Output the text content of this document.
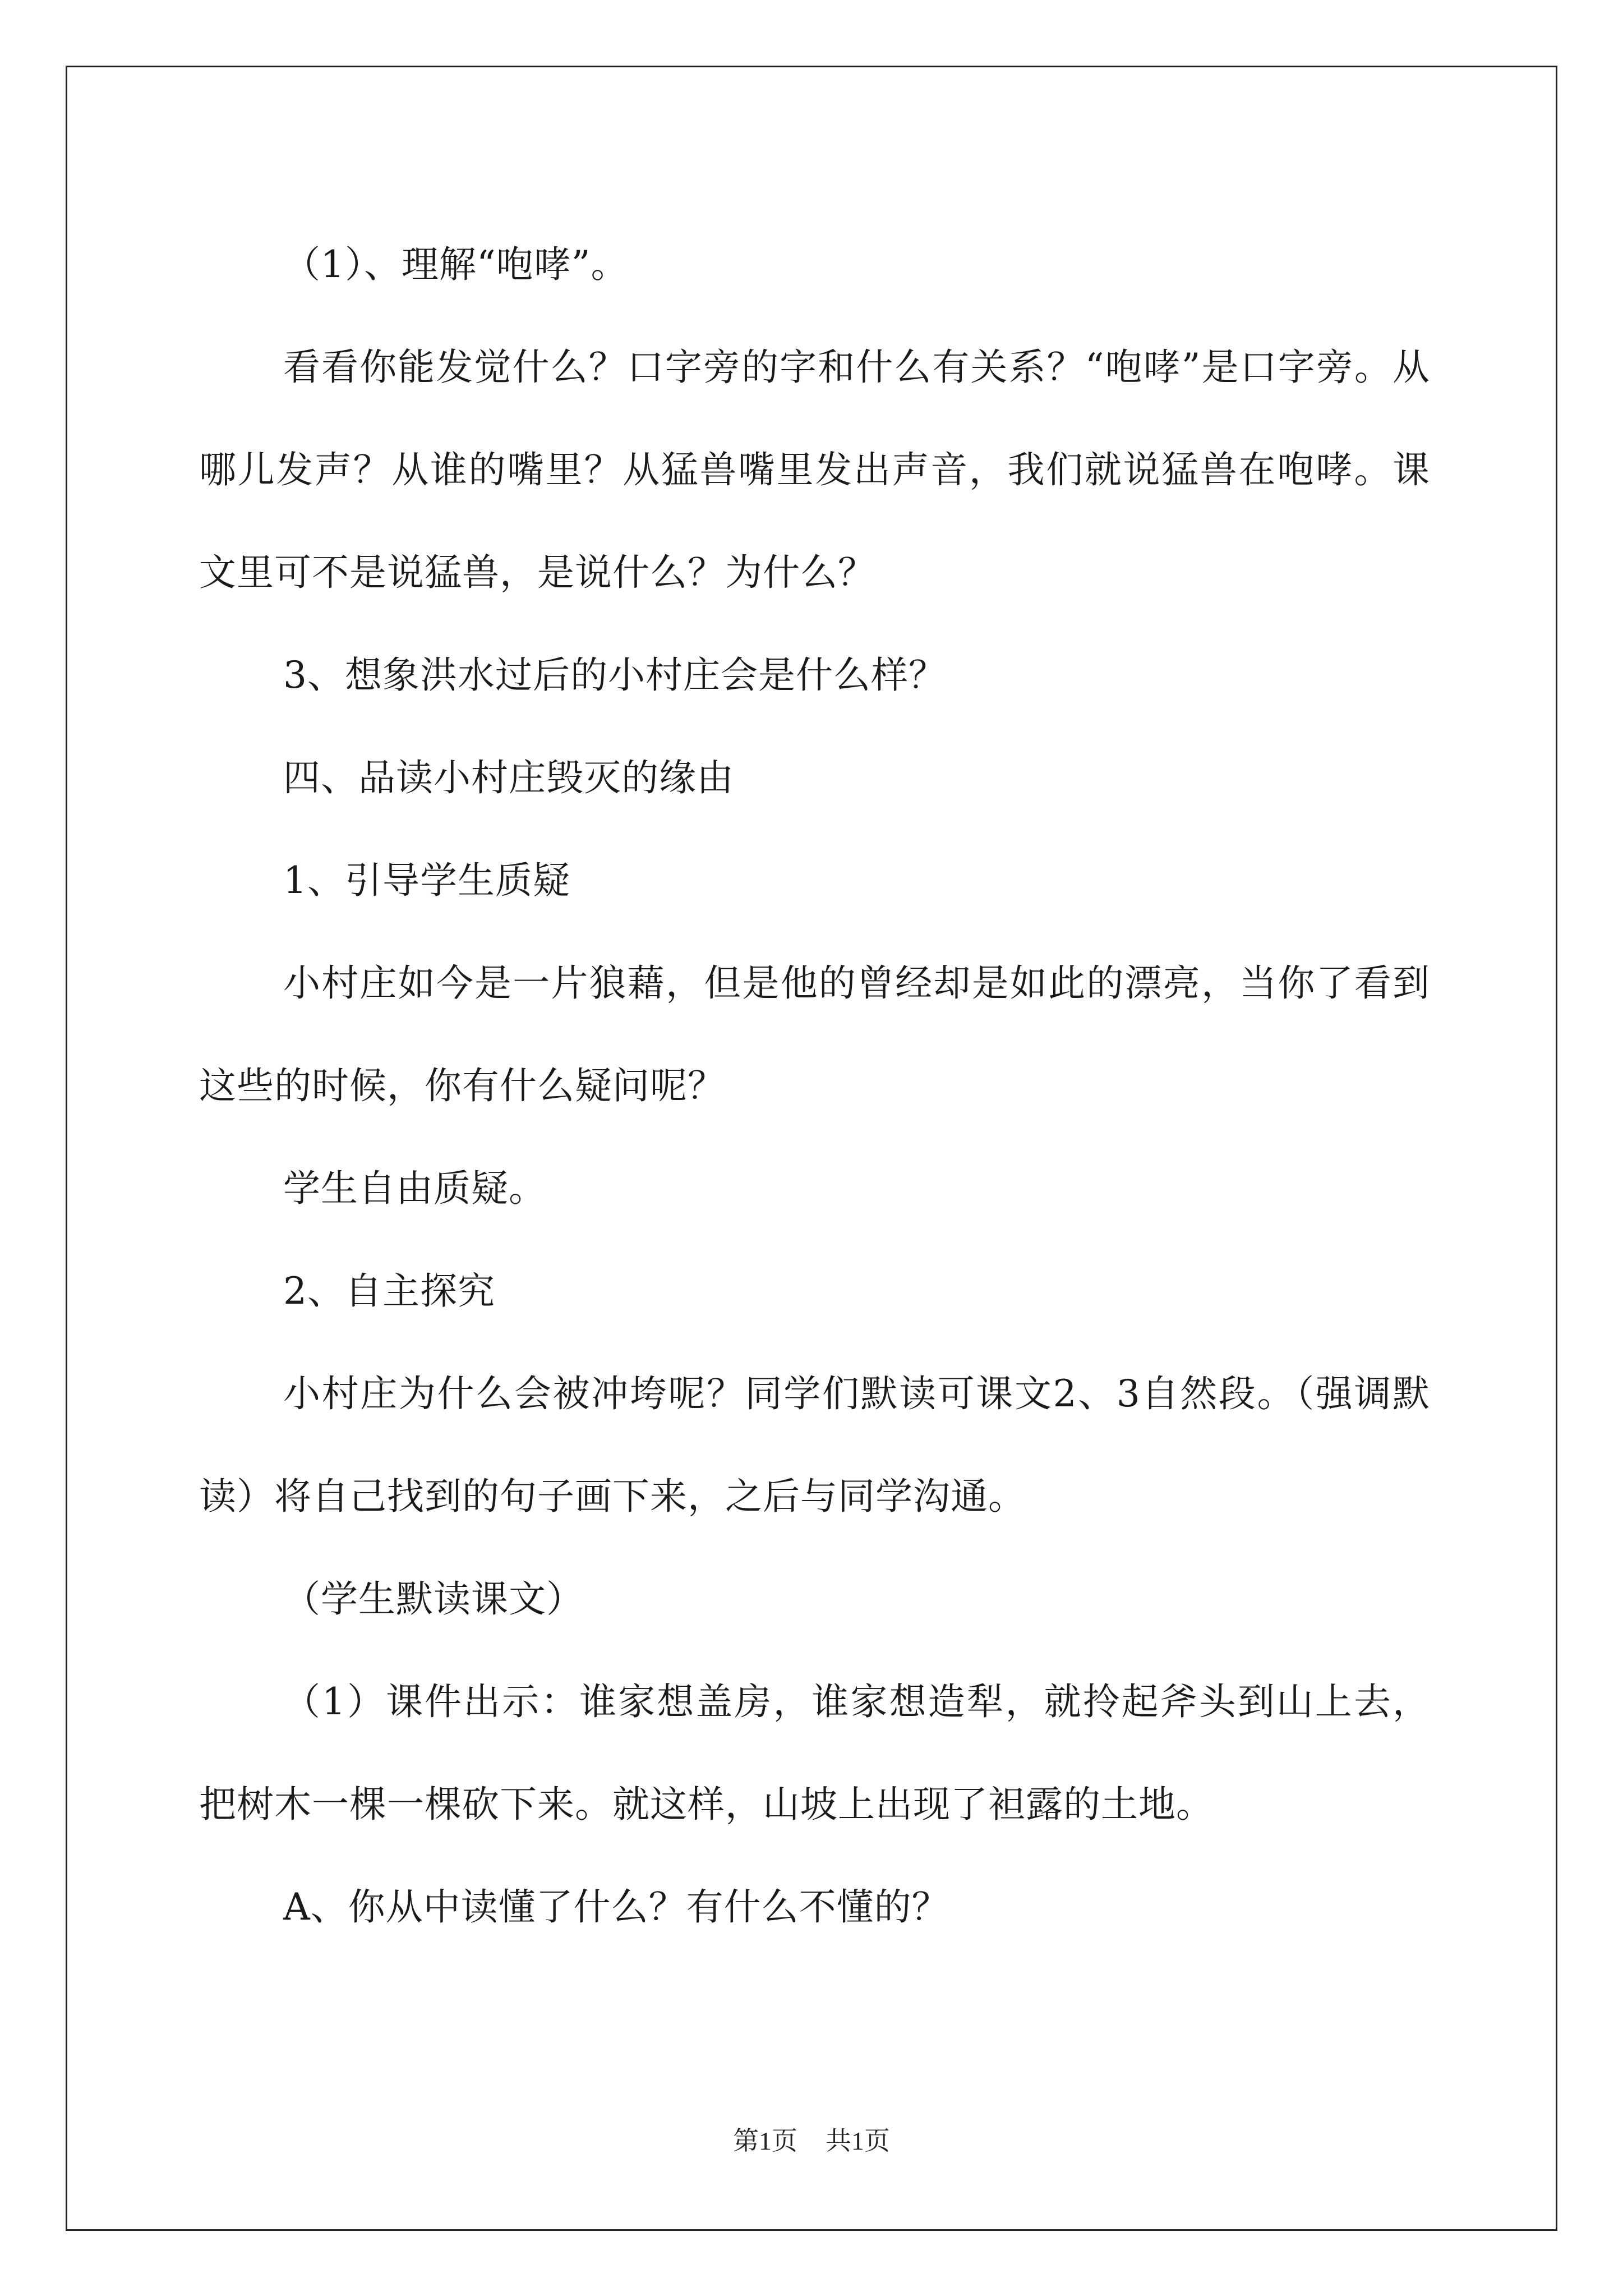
（1）、理解“咆哮”。

看看你能发觉什么？口字旁的字和什么有关系？“咆哮”是口字旁。从哪儿发声？从谁的嘴里？从猛兽嘴里发出声音，我们就说猛兽在咆哮。课文里可不是说猛兽，是说什么？为什么？

3、想象洪水过后的小村庄会是什么样？

四、品读小村庄毁灭的缘由

1、引导学生质疑

小村庄如今是一片狼藉，但是他的曾经却是如此的漂亮，当你了看到这些的时候，你有什么疑问呢？

学生自由质疑。

2、自主探究

小村庄为什么会被冲垮呢？同学们默读可课文2、3自然段。（强调默读）将自己找到的句子画下来，之后与同学沟通。

（学生默读课文）

（1）课件出示：谁家想盖房，谁家想造犁，就拎起斧头到山上去，把树木一棵一棵砍下来。就这样，山坡上出现了袒露的土地。

A、你从中读懂了什么？有什么不懂的？

第1页 共1页
